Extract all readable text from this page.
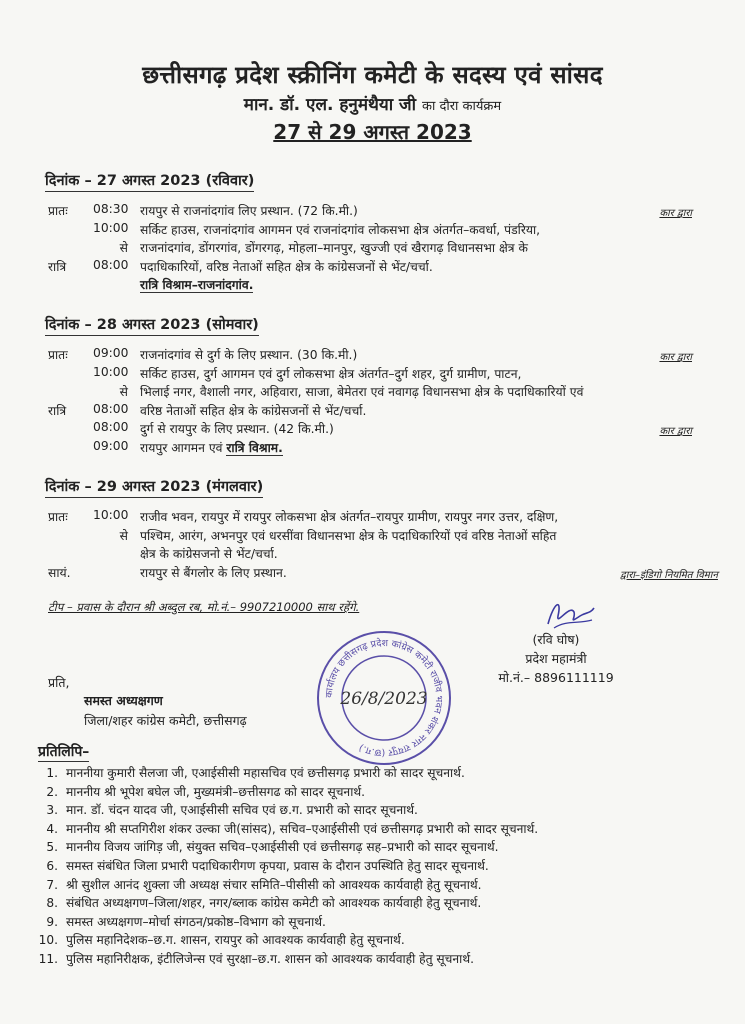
छत्तीसगढ़ प्रदेश स्क्रीनिंग कमेटी के सदस्य एवं सांसद
मान. डॉ. एल. हनुमंथैया जी का दौरा कार्यक्रम
27 से 29 अगस्त 2023
दिनांक – 27 अगस्त 2023 (रविवार)
प्रातः 08:30 रायपुर से राजनांदगांव लिए प्रस्थान. (72 कि.मी.)	कार द्वारा
10:00 सर्किट हाउस, राजनांदगांव आगमन एवं राजनांदगांव लोकसभा क्षेत्र अंतर्गत–कवर्धा, पंडरिया,
से राजनांदगांव, डोंगरगांव, डोंगरगढ़, मोहला–मानपुर, खुज्जी एवं खैरागढ़ विधानसभा क्षेत्र के
रात्रि 08:00 पदाधिकारियों, वरिष्ठ नेताओं सहित क्षेत्र के कांग्रेसजनों से भेंट/चर्चा.
रात्रि विश्राम–राजनांदगांव.
दिनांक – 28 अगस्त 2023 (सोमवार)
प्रातः 09:00 राजनांदगांव से दुर्ग के लिए प्रस्थान. (30 कि.मी.)	कार द्वारा
10:00 सर्किट हाउस, दुर्ग आगमन एवं दुर्ग लोकसभा क्षेत्र अंतर्गत–दुर्ग शहर, दुर्ग ग्रामीण, पाटन,
से भिलाई नगर, वैशाली नगर, अहिवारा, साजा, बेमेतरा एवं नवागढ़ विधानसभा क्षेत्र के पदाधिकारियों एवं
रात्रि 08:00 वरिष्ठ नेताओं सहित क्षेत्र के कांग्रेसजनों से भेंट/चर्चा.
08:00 दुर्ग से रायपुर के लिए प्रस्थान. (42 कि.मी.)	कार द्वारा
09:00 रायपुर आगमन एवं रात्रि विश्राम.
दिनांक – 29 अगस्त 2023 (मंगलवार)
प्रातः 10:00 राजीव भवन, रायपुर में रायपुर लोकसभा क्षेत्र अंतर्गत–रायपुर ग्रामीण, रायपुर नगर उत्तर, दक्षिण,
से पश्चिम, आरंग, अभनपुर एवं धरसींवा विधानसभा क्षेत्र के पदाधिकारियों एवं वरिष्ठ नेताओं सहित
क्षेत्र के कांग्रेसजनो से भेंट/चर्चा.
सायं.	रायपुर से बैंगलोर के लिए प्रस्थान.	द्वारा–इंडिगो नियमित विमान
टीप – प्रवास के दौरान श्री अब्दुल रब, मो.नं.– 9907210000 साथ रहेंगे.
(रवि घोष)
प्रदेश महामंत्री
मो.नं.– 8896111119
कार्यालय छत्तीसगढ़ प्रदेश कांग्रेस कमेटी राजीव भवन शंकर नगर रायपुर (छ.ग.)
26/8/2023
प्रति,
समस्त अध्यक्षगण
जिला/शहर कांग्रेस कमेटी, छत्तीसगढ़
प्रतिलिपि–
1. माननीया कुमारी सैलजा जी, एआईसीसी महासचिव एवं छत्तीसगढ़ प्रभारी को सादर सूचनार्थ.
2. माननीय श्री भूपेश बघेल जी, मुख्यमंत्री–छत्तीसगढ को सादर सूचनार्थ.
3. मान. डॉ. चंदन यादव जी, एआईसीसी सचिव एवं छ.ग. प्रभारी को सादर सूचनार्थ.
4. माननीय श्री सप्तगिरीश शंकर उल्का जी(सांसद), सचिव–एआईसीसी एवं छत्तीसगढ़ प्रभारी को सादर सूचनार्थ.
5. माननीय विजय जांगिड़ जी, संयुक्त सचिव–एआईसीसी एवं छत्तीसगढ़ सह–प्रभारी को सादर सूचनार्थ.
6. समस्त संबंधित जिला प्रभारी पदाधिकारीगण कृपया, प्रवास के दौरान उपस्थिति हेतु सादर सूचनार्थ.
7. श्री सुशील आनंद शुक्ला जी अध्यक्ष संचार समिति–पीसीसी को आवश्यक कार्यवाही हेतु सूचनार्थ.
8. संबंधित अध्यक्षगण–जिला/शहर, नगर/ब्लाक कांग्रेस कमेटी को आवश्यक कार्यवाही हेतु सूचनार्थ.
9. समस्त अध्यक्षगण–मोर्चा संगठन/प्रकोष्ठ–विभाग को सूचनार्थ.
10. पुलिस महानिदेशक–छ.ग. शासन, रायपुर को आवश्यक कार्यवाही हेतु सूचनार्थ.
11. पुलिस महानिरीक्षक, इंटीलिजेन्स एवं सुरक्षा–छ.ग. शासन को आवश्यक कार्यवाही हेतु सूचनार्थ.
